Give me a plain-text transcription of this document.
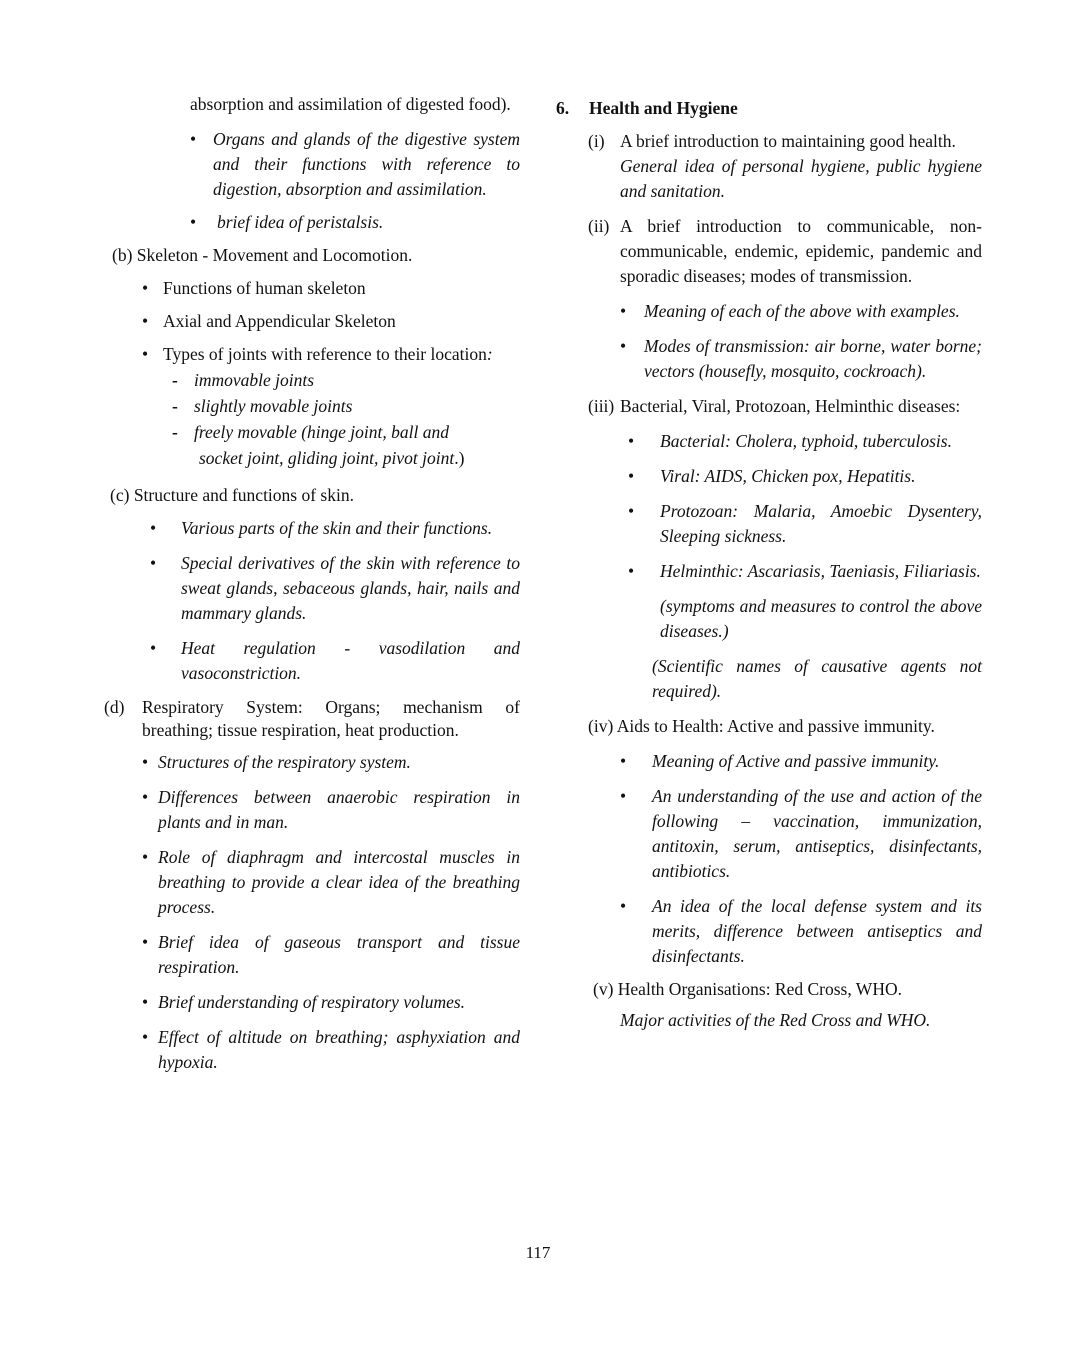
absorption and assimilation of digested food).

• Organs and glands of the digestive system and their functions with reference to digestion, absorption and assimilation.
• brief idea of peristalsis.
(b) Skeleton - Movement and Locomotion.
• Functions of human skeleton
• Axial and Appendicular Skeleton
• Types of joints with reference to their location:
- immovable joints
- slightly movable joints
- freely movable (hinge joint, ball and
socket joint, gliding joint, pivot joint.)
(c) Structure and functions of skin.
• Various parts of the skin and their functions.
• Special derivatives of the skin with reference to sweat glands, sebaceous glands, hair, nails and mammary glands.
• Heat regulation - vasodilation and vasoconstriction.
(d) Respiratory System: Organs; mechanism of breathing; tissue respiration, heat production.
• Structures of the respiratory system.
• Differences between anaerobic respiration in plants and in man.
• Role of diaphragm and intercostal muscles in breathing to provide a clear idea of the breathing process.
• Brief idea of gaseous transport and tissue respiration.
• Brief understanding of respiratory volumes.
• Effect of altitude on breathing; asphyxiation and hypoxia.
6. Health and Hygiene
(i) A brief introduction to maintaining good health.

General idea of personal hygiene, public hygiene and sanitation.

(ii) A brief introduction to communicable, non-communicable, endemic, epidemic, pandemic and sporadic diseases; modes of transmission.

• Meaning of each of the above with examples.
• Modes of transmission: air borne, water borne; vectors (housefly, mosquito, cockroach).
(iii) Bacterial, Viral, Protozoan, Helminthic diseases:

• Bacterial: Cholera, typhoid, tuberculosis.
• Viral: AIDS, Chicken pox, Hepatitis.
• Protozoan: Malaria, Amoebic Dysentery, Sleeping sickness.
• Helminthic: Ascariasis, Taeniasis, Filiariasis.

(symptoms and measures to control the above diseases.)

(Scientific names of causative agents not required).

(iv) Aids to Health: Active and passive immunity.
• Meaning of Active and passive immunity.
• An understanding of the use and action of the following – vaccination, immunization, antitoxin, serum, antiseptics, disinfectants, antibiotics.
• An idea of the local defense system and its merits, difference between antiseptics and disinfectants.
(v) Health Organisations: Red Cross, WHO.

Major activities of the Red Cross and WHO.

117
